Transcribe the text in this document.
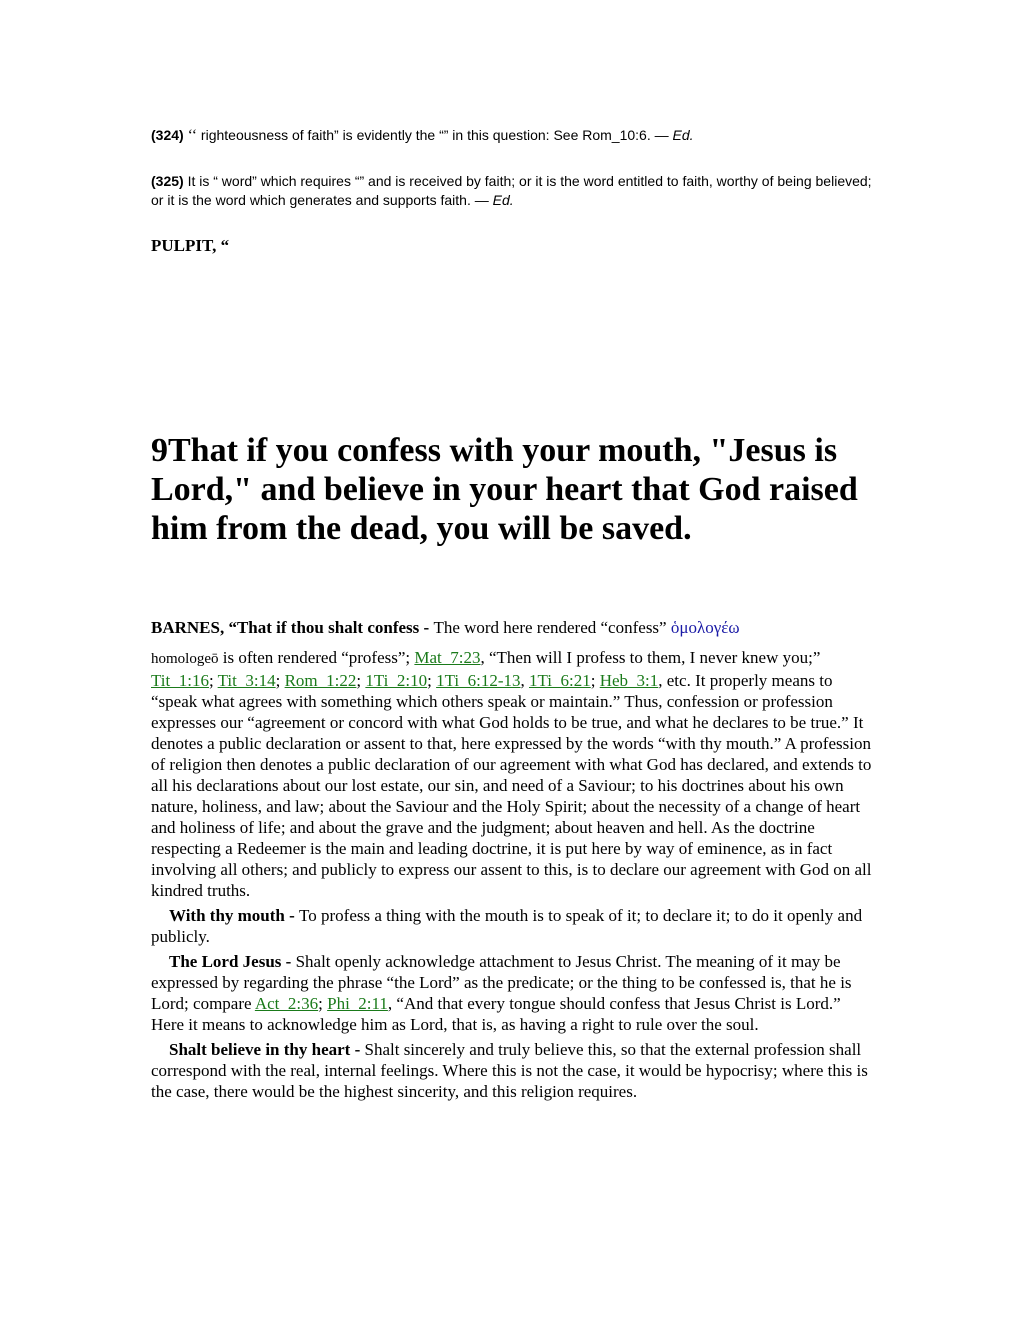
(324) ‘‘ righteousness of faith” is evidently the “” in this question: See Rom_10:6. — Ed.
(325) It is “ word” which requires “” and is received by faith; or it is the word entitled to faith, worthy of being believed; or it is the word which generates and supports faith. — Ed.
PULPIT, “
9That if you confess with your mouth, "Jesus is Lord," and believe in your heart that God raised him from the dead, you will be saved.
BARNES, “That if thou shalt confess - The word here rendered “confess” ὁμολογέω
homologeō is often rendered “profess”; Mat_7:23, “Then will I profess to them, I never knew you;” Tit_1:16; Tit_3:14; Rom_1:22; 1Ti_2:10; 1Ti_6:12-13, 1Ti_6:21; Heb_3:1, etc. It properly means to “speak what agrees with something which others speak or maintain.” Thus, confession or profession expresses our “agreement or concord with what God holds to be true, and what he declares to be true.” It denotes a public declaration or assent to that, here expressed by the words “with thy mouth.” A profession of religion then denotes a public declaration of our agreement with what God has declared, and extends to all his declarations about our lost estate, our sin, and need of a Saviour; to his doctrines about his own nature, holiness, and law; about the Saviour and the Holy Spirit; about the necessity of a change of heart and holiness of life; and about the grave and the judgment; about heaven and hell. As the doctrine respecting a Redeemer is the main and leading doctrine, it is put here by way of eminence, as in fact involving all others; and publicly to express our assent to this, is to declare our agreement with God on all kindred truths.
With thy mouth - To profess a thing with the mouth is to speak of it; to declare it; to do it openly and publicly.
The Lord Jesus - Shalt openly acknowledge attachment to Jesus Christ. The meaning of it may be expressed by regarding the phrase “the Lord” as the predicate; or the thing to be confessed is, that he is Lord; compare Act_2:36; Phi_2:11, “And that every tongue should confess that Jesus Christ is Lord.” Here it means to acknowledge him as Lord, that is, as having a right to rule over the soul.
Shalt believe in thy heart - Shalt sincerely and truly believe this, so that the external profession shall correspond with the real, internal feelings. Where this is not the case, it would be hypocrisy; where this is the case, there would be the highest sincerity, and this religion requires.
